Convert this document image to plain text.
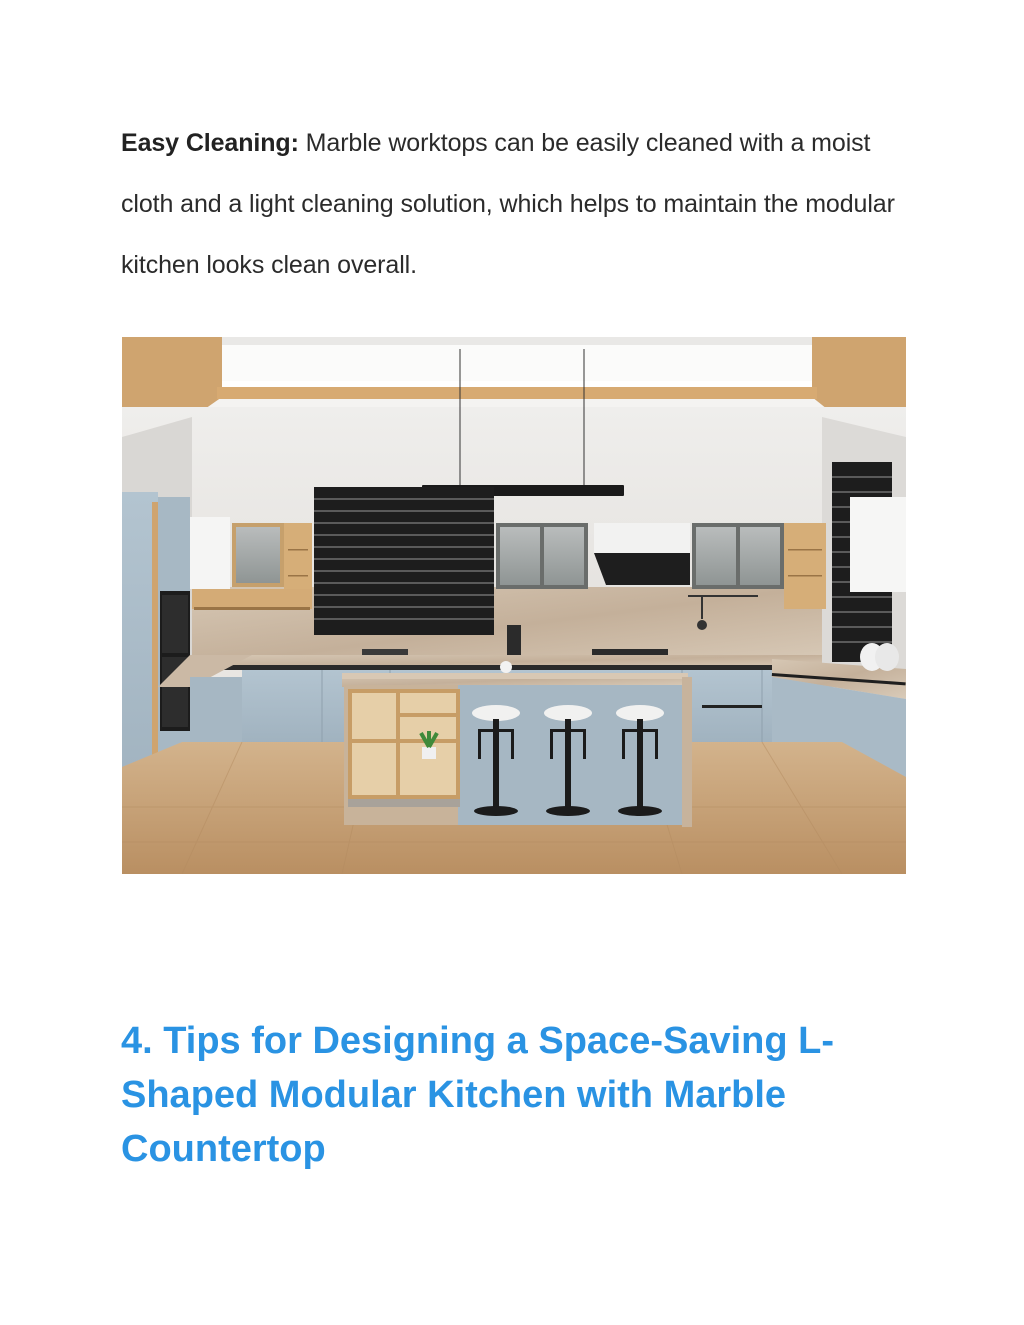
Easy Cleaning: Marble worktops can be easily cleaned with a moist cloth and a light cleaning solution, which helps to maintain the modular kitchen looks clean overall.

4. Tips for Designing a Space-Saving L-Shaped Modular Kitchen with Marble Countertop
